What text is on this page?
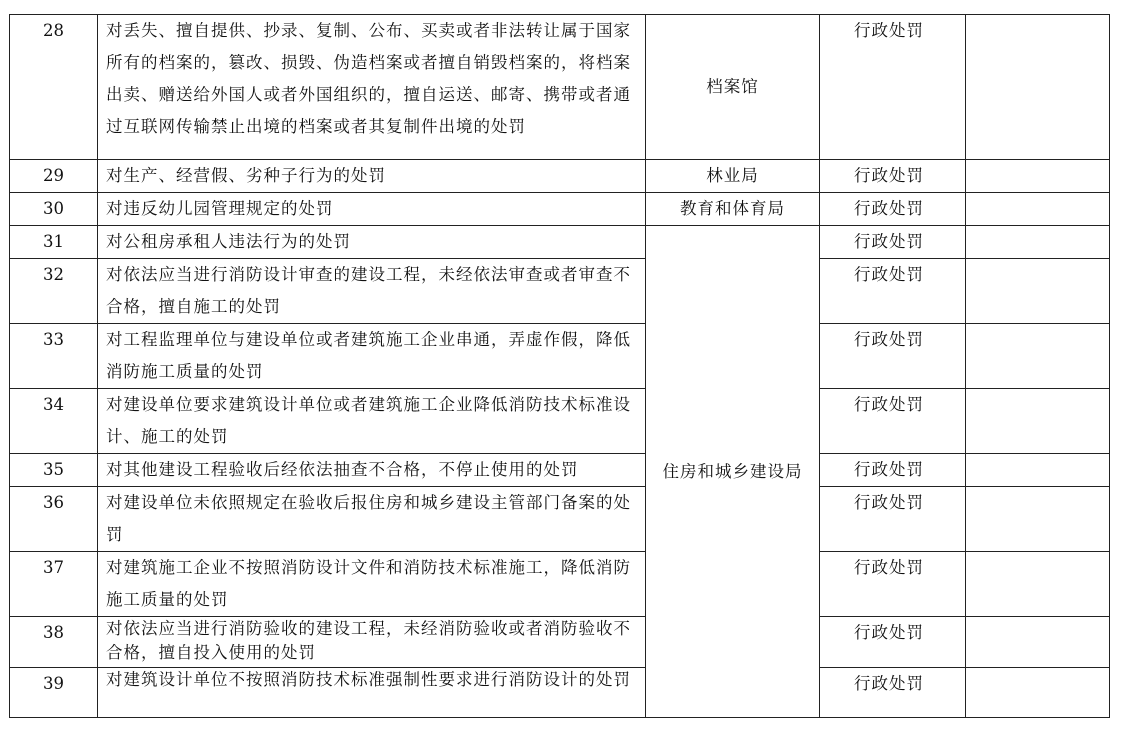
28	对丢失、擅自提供、抄录、复制、公布、买卖或者非法转让属于国家所有的档案的，篡改、损毁、伪造档案或者擅自销毁档案的，将档案出卖、赠送给外国人或者外国组织的，擅自运送、邮寄、携带或者通过互联网传输禁止出境的档案或者其复制件出境的处罚	档案馆	行政处罚	
29	对生产、经营假、劣种子行为的处罚	林业局	行政处罚	
30	对违反幼儿园管理规定的处罚	教育和体育局	行政处罚	
31	对公租房承租人违法行为的处罚	住房和城乡建设局	行政处罚	
32	对依法应当进行消防设计审查的建设工程，未经依法审查或者审查不合格，擅自施工的处罚		行政处罚	
33	对工程监理单位与建设单位或者建筑施工企业串通，弄虚作假，降低消防施工质量的处罚		行政处罚	
34	对建设单位要求建筑设计单位或者建筑施工企业降低消防技术标准设计、施工的处罚		行政处罚	
35	对其他建设工程验收后经依法抽查不合格，不停止使用的处罚		行政处罚	
36	对建设单位未依照规定在验收后报住房和城乡建设主管部门备案的处罚		行政处罚	
37	对建筑施工企业不按照消防设计文件和消防技术标准施工，降低消防施工质量的处罚		行政处罚	
38	对依法应当进行消防验收的建设工程，未经消防验收或者消防验收不合格，擅自投入使用的处罚		行政处罚	
39	对建筑设计单位不按照消防技术标准强制性要求进行消防设计的处罚		行政处罚	
